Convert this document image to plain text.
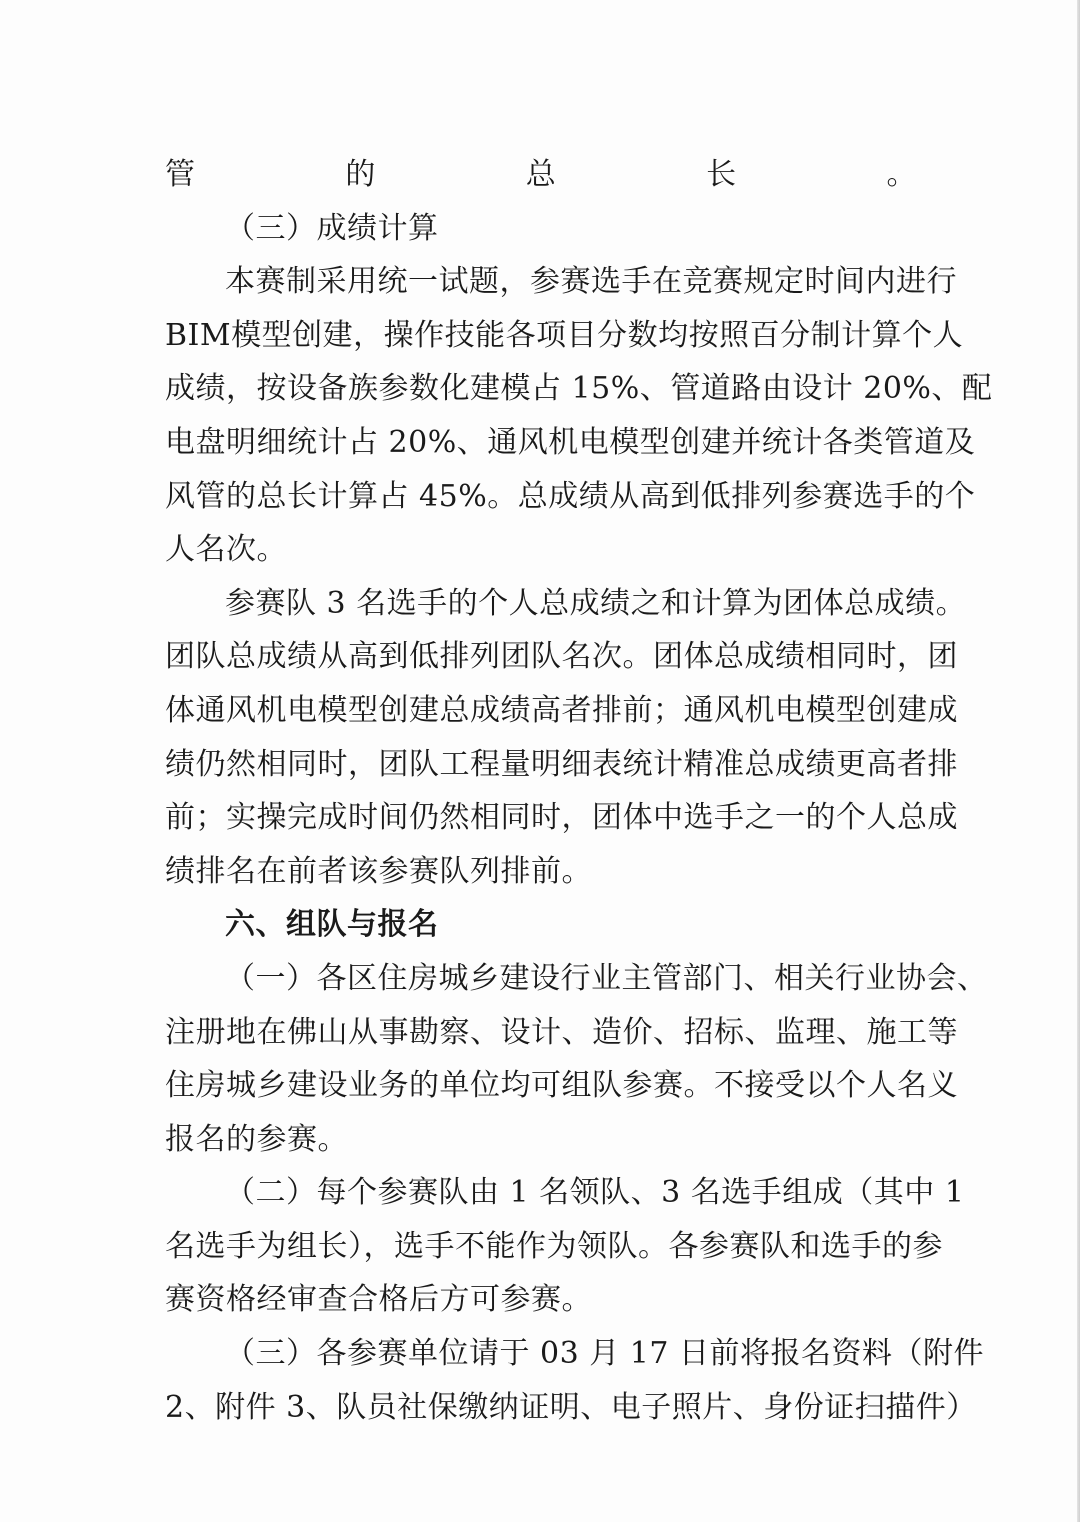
管的总长。
（三）成绩计算
本赛制采用统一试题，参赛选手在竞赛规定时间内进行
BIM模型创建，操作技能各项目分数均按照百分制计算个人
成绩，按设备族参数化建模占 15%、管道路由设计 20%、配
电盘明细统计占 20%、通风机电模型创建并统计各类管道及
风管的总长计算占 45%。总成绩从高到低排列参赛选手的个
人名次。
参赛队 3 名选手的个人总成绩之和计算为团体总成绩。
团队总成绩从高到低排列团队名次。团体总成绩相同时，团
体通风机电模型创建总成绩高者排前；通风机电模型创建成
绩仍然相同时，团队工程量明细表统计精准总成绩更高者排
前；实操完成时间仍然相同时，团体中选手之一的个人总成
绩排名在前者该参赛队列排前。
六、组队与报名
（一）各区住房城乡建设行业主管部门、相关行业协会、
注册地在佛山从事勘察、设计、造价、招标、监理、施工等
住房城乡建设业务的单位均可组队参赛。不接受以个人名义
报名的参赛。
（二）每个参赛队由 1 名领队、3 名选手组成（其中 1
名选手为组长），选手不能作为领队。各参赛队和选手的参
赛资格经审查合格后方可参赛。
（三）各参赛单位请于 03 月 17 日前将报名资料（附件
2、附件 3、队员社保缴纳证明、电子照片、身份证扫描件）
